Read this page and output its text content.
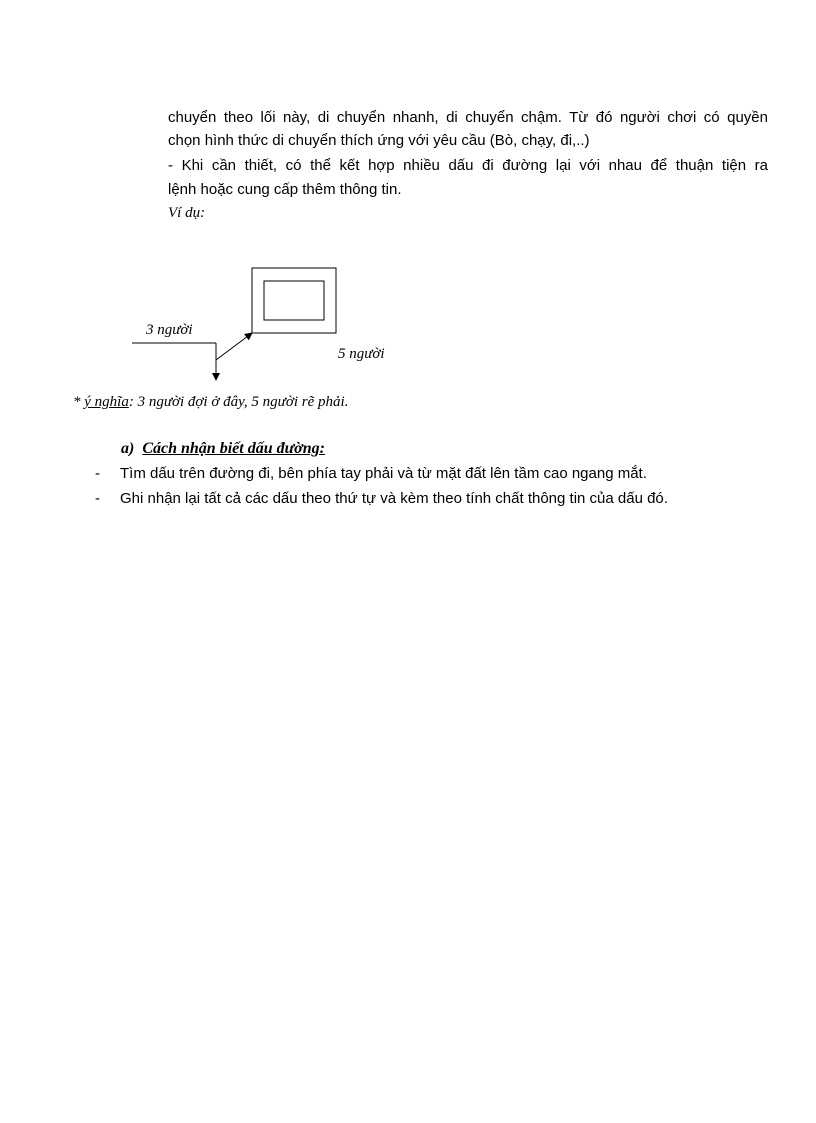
chuyển theo lối này, di chuyển nhanh, di chuyển chậm. Từ đó người chơi có quyền
chọn hình thức di chuyển thích ứng với yêu cầu (Bò, chạy, đi,..)
- Khi cần thiết, có thể kết hợp nhiều dấu đi đường lại với nhau để thuận tiện ra
lệnh hoặc cung cấp thêm thông tin.
Ví dụ:
3 người
5 người
* ý nghĩa: 3 người đợi ở đây, 5 người rẽ phải.
a) Cách nhận biết dấu đường:
- Tìm dấu trên đường đi, bên phía tay phải và từ mặt đất lên tầm cao ngang mắt.
- Ghi nhận lại tất cả các dấu theo thứ tự và kèm theo tính chất thông tin của dấu đó.
